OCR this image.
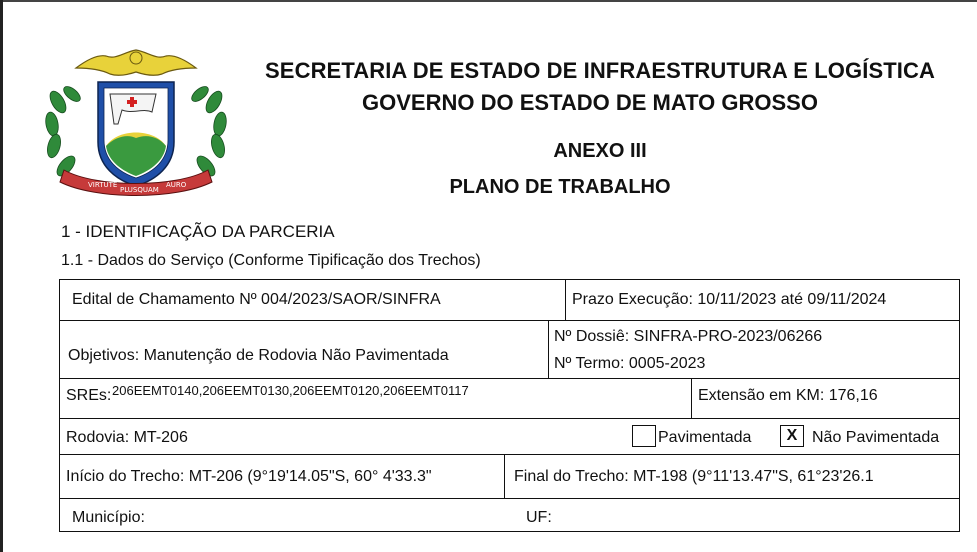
VIRTUTE
PLUSQUAM
AURO
SECRETARIA DE ESTADO DE INFRAESTRUTURA E LOGÍSTICA
GOVERNO DO ESTADO DE MATO GROSSO
ANEXO III
PLANO DE TRABALHO
1 - IDENTIFICAÇÃO DA PARCERIA
1.1 - Dados do Serviço (Conforme Tipificação dos Trechos)
Edital de Chamamento Nº 004/2023/SAOR/SINFRA	Prazo Execução: 10/11/2023 até 09/11/2024
Objetivos: Manutenção de Rodovia Não Pavimentada
Nº Dossiê: SINFRA-PRO-2023/06266
Nº Termo: 0005-2023
SREs: 206EEMT0140,206EEMT0130,206EEMT0120,206EEMT0117	Extensão em KM: 176,16
Rodovia: MT-206	Pavimentada	X Não Pavimentada
Início do Trecho: MT-206 (9°19'14.05"S, 60° 4'33.3"	Final do Trecho: MT-198 (9°11'13.47"S, 61°23'26.1
Município:	UF:
